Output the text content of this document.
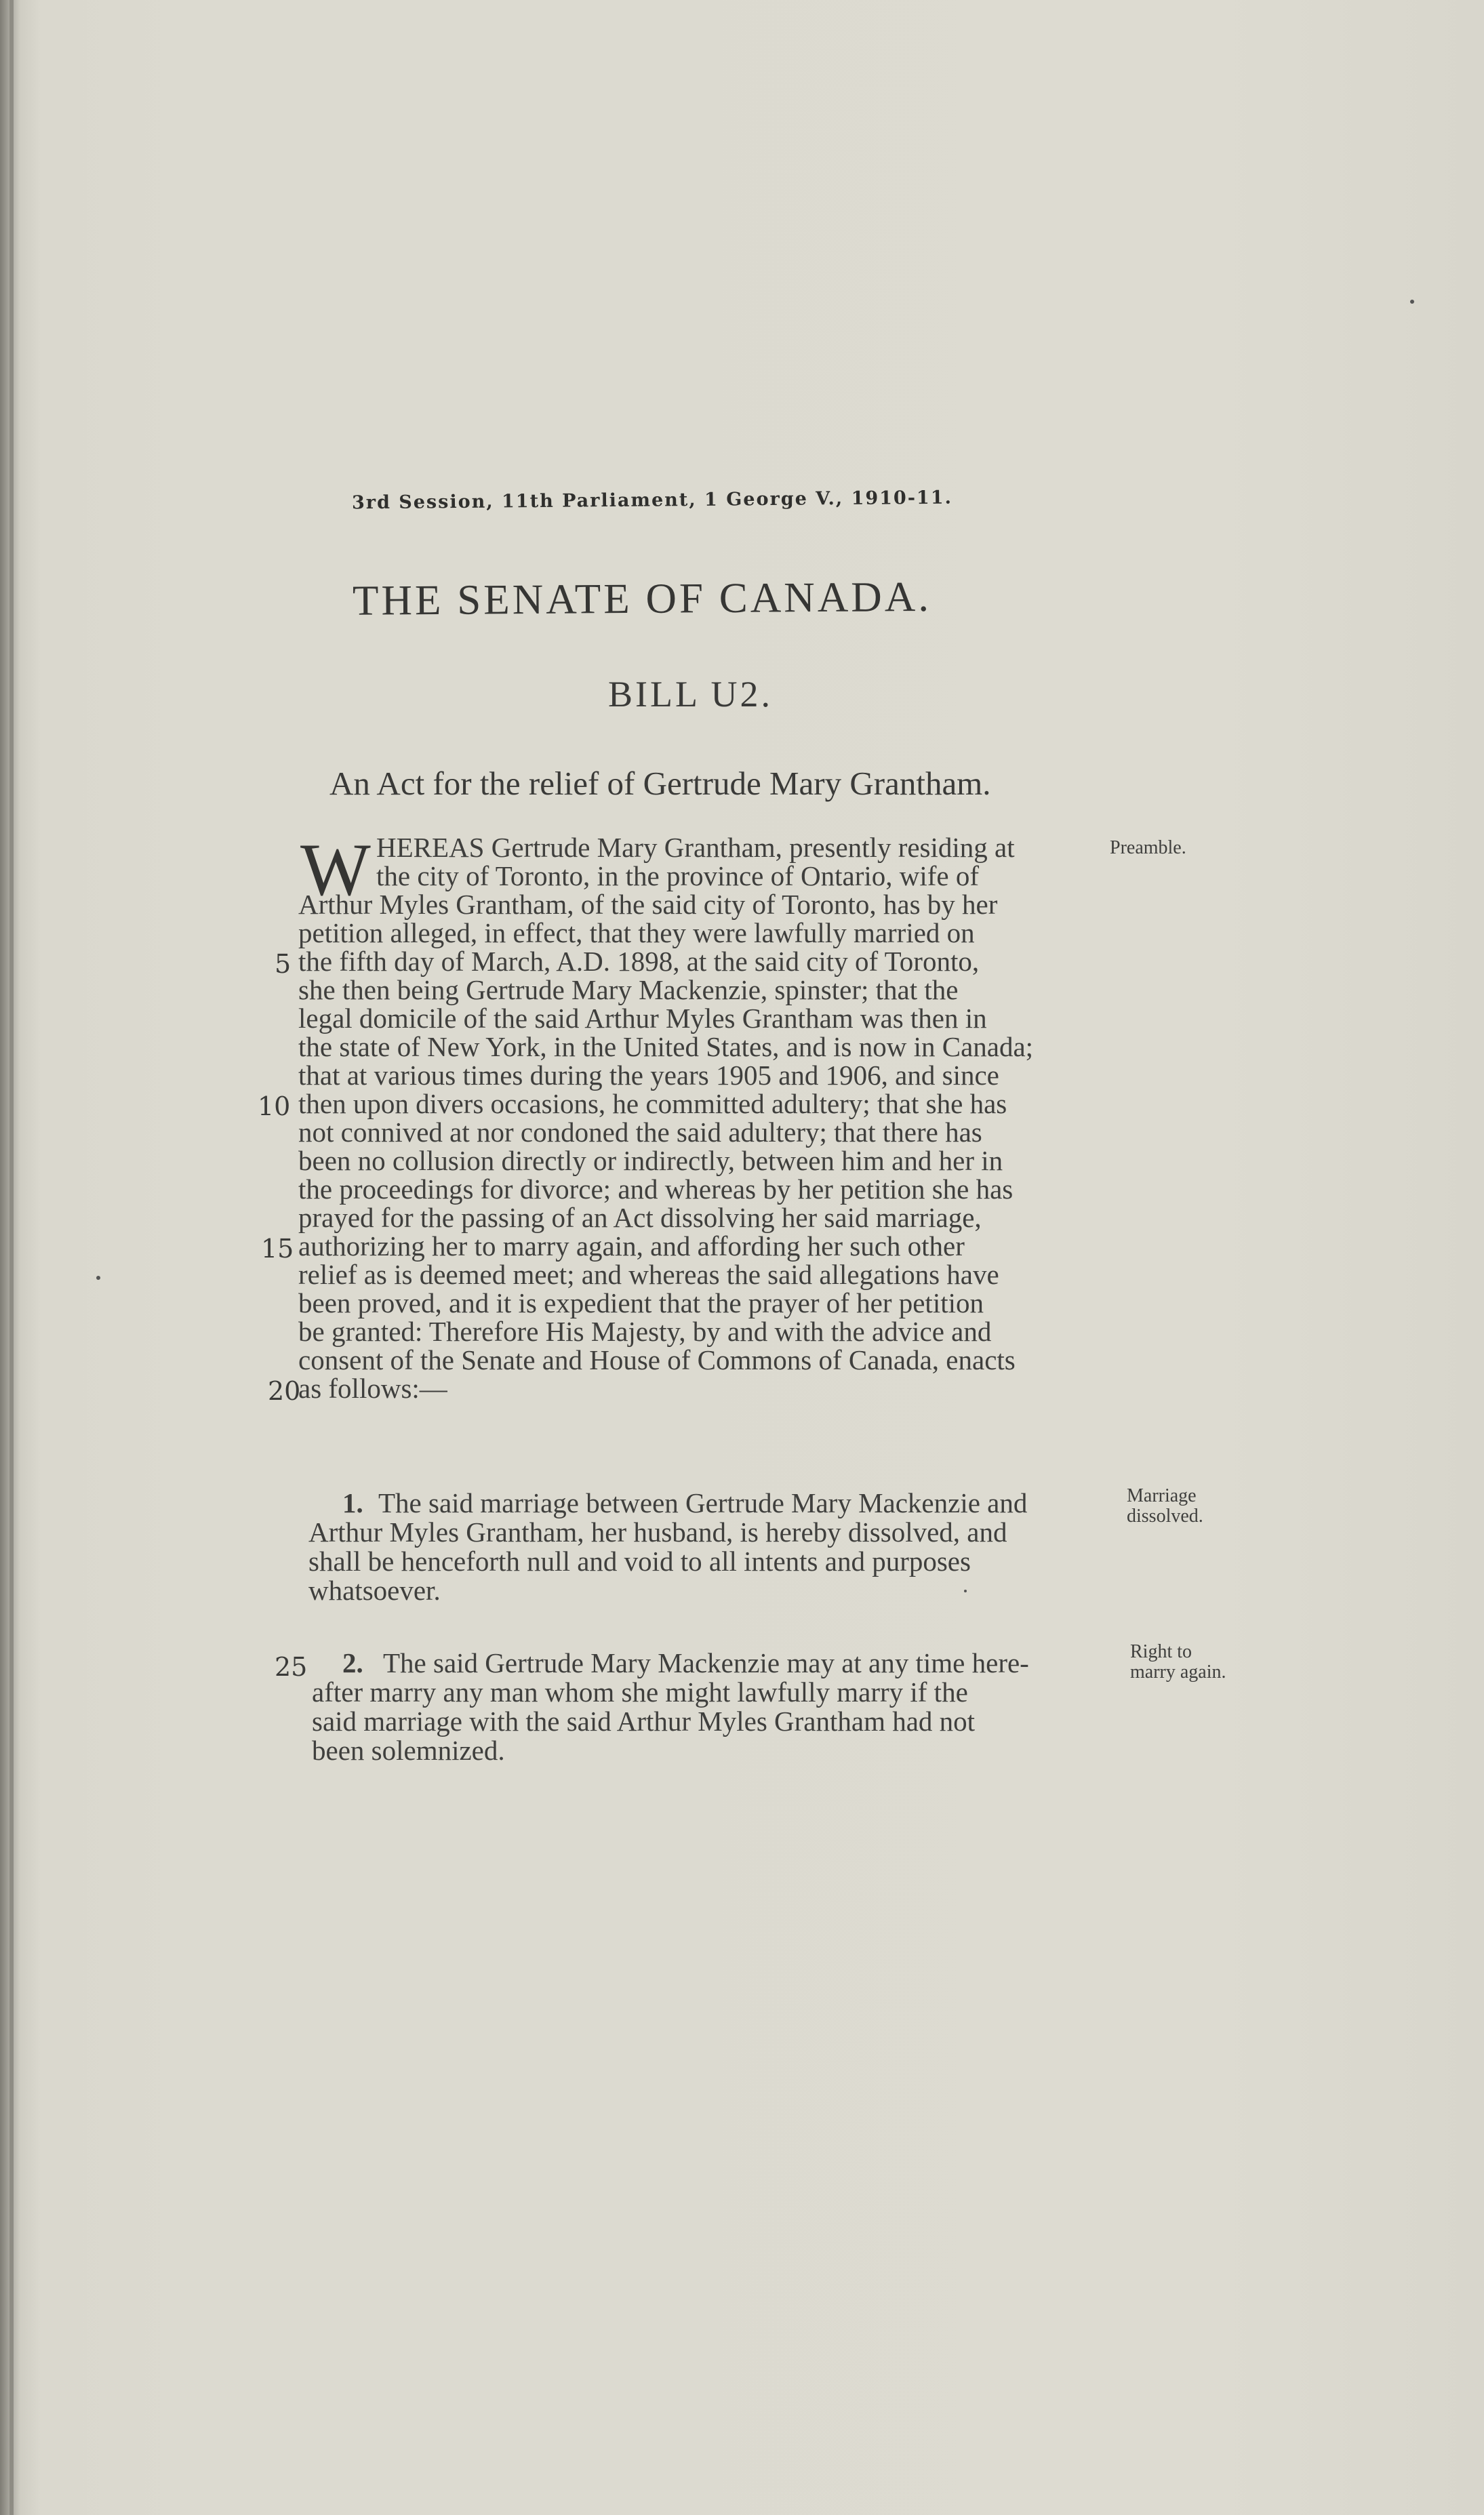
3rd Session, 11th Parliament, 1 George V., 1910-11.
THE SENATE OF CANADA.
BILL U2.
An Act for the relief of Gertrude Mary Grantham.
W HEREAS Gertrude Mary Grantham, presently residing at
the city of Toronto, in the province of Ontario, wife of
Arthur Myles Grantham, of the said city of Toronto, has by her
petition alleged, in effect, that they were lawfully married on
the fifth day of March, A.D. 1898, at the said city of Toronto,
she then being Gertrude Mary Mackenzie, spinster; that the
legal domicile of the said Arthur Myles Grantham was then in
the state of New York, in the United States, and is now in Canada;
that at various times during the years 1905 and 1906, and since
then upon divers occasions, he committed adultery; that she has
not connived at nor condoned the said adultery; that there has
been no collusion directly or indirectly, between him and her in
the proceedings for divorce; and whereas by her petition she has
prayed for the passing of an Act dissolving her said marriage,
authorizing her to marry again, and affording her such other
relief as is deemed meet; and whereas the said allegations have
been proved, and it is expedient that the prayer of her petition
be granted: Therefore His Majesty, by and with the advice and
consent of the Senate and House of Commons of Canada, enacts
as follows:—
5
10
15
20
25
1. The said marriage between Gertrude Mary Mackenzie and
Arthur Myles Grantham, her husband, is hereby dissolved, and
shall be henceforth null and void to all intents and purposes
whatsoever.
2. The said Gertrude Mary Mackenzie may at any time here-
after marry any man whom she might lawfully marry if the
said marriage with the said Arthur Myles Grantham had not
been solemnized.
Preamble.
Marriage
dissolved.
Right to
marry again.
